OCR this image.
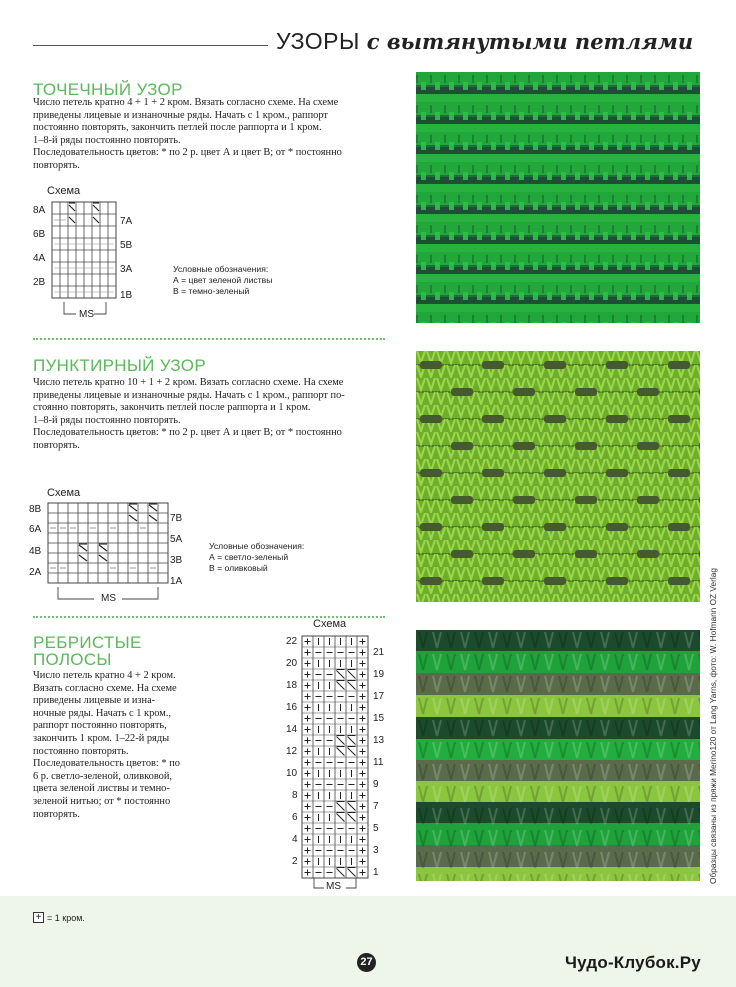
УЗОРЫ с вытянутыми петлями
ТОЧЕЧНЫЙ УЗОР
Число петель кратно 4 + 1 + 2 кром. Вязать согласно схеме. На схеме
приведены лицевые и изнаночные ряды. Начать с 1 кром., раппорт
постоянно повторять, закончить петлей после раппорта и 1 кром.
1–8-й ряды постоянно повторять.
Последовательность цветов: * по 2 р. цвет А и цвет В; от * постоянно
повторять.
Схема
8A
6B
4A
2B
7A
5B
3A
1B
MS
Условные обозначения:
А = цвет зеленой листвы
В = темно-зеленый
ПУНКТИРНЫЙ УЗОР
Число петель кратно 10 + 1 + 2 кром. Вязать согласно схеме. На схеме
приведены лицевые и изнаночные ряды. Начать с 1 кром., раппорт по-
стоянно повторять, закончить петлей после раппорта и 1 кром.
1–8-й ряды постоянно повторять.
Последовательность цветов: * по 2 р. цвет А и цвет В; от * постоянно
повторять.
Схема
8B
6A
4B
2A
7B
5A
3B
1A
MS
Условные обозначения:
А = светло-зеленый
В = оливковый
РЕБРИСТЫЕ
ПОЛОСЫ
Число петель кратно 4 + 2 кром.
Вязать согласно схеме. На схеме
приведены лицевые и изна-
ночные ряды. Начать с 1 кром.,
раппорт постоянно повторять,
закончить 1 кром. 1–22-й ряды
постоянно повторять.
Последовательность цветов: * по
6 р. светло-зеленой, оливковой,
цвета зеленой листвы и темно-
зеленой нитью; от * постоянно
повторять.
Схема
22
20
18
16
14
12
10
8
6
4
2
21
19
17
15
13
11
9
7
5
3
1
MS
Образцы связаны из пряжи Merino120 от Lang Yarns, фото: W. Hofmann OZ Verlag
+ = 1 кром.
27	Чудо-Клубок.Ру
